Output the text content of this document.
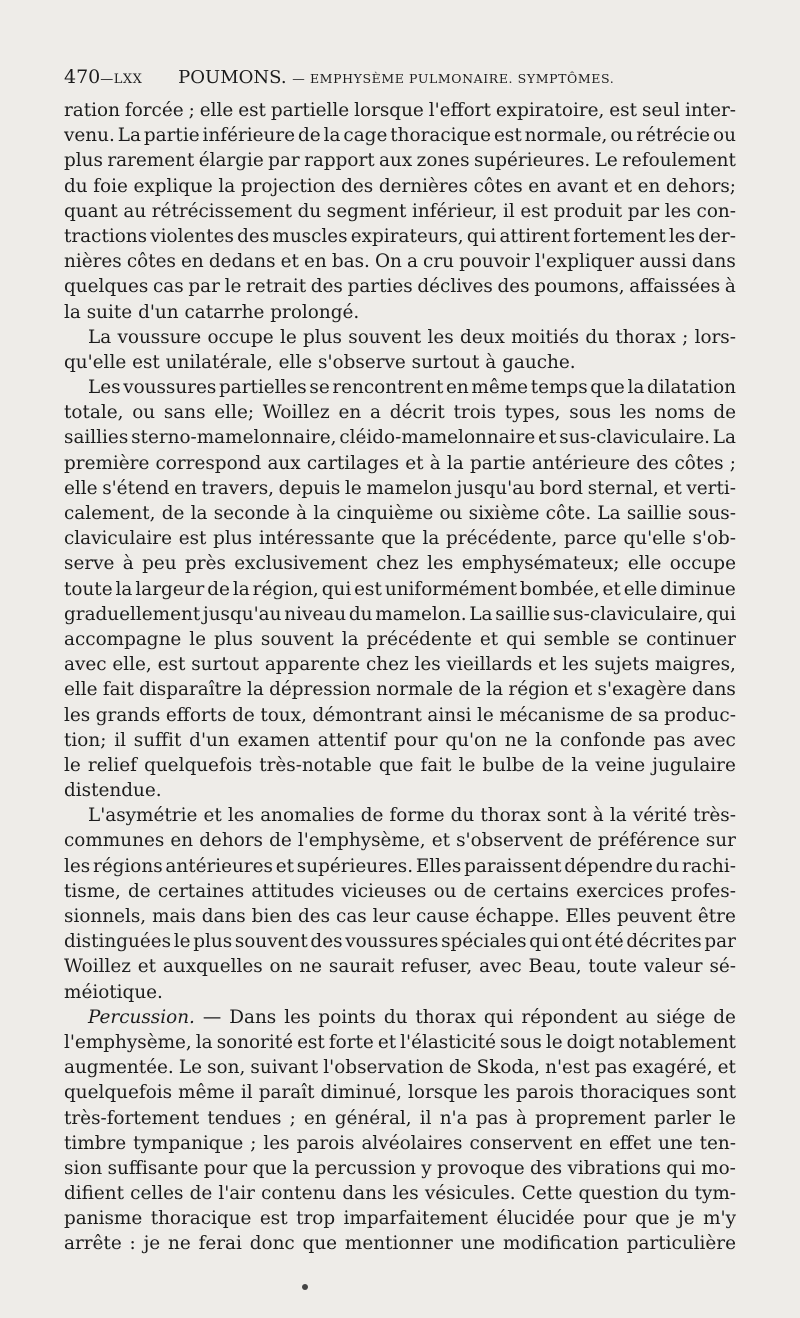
470—LXX POUMONS. — EMPHYSÈME PULMONAIRE. SYMPTÔMES.
ration forcée ; elle est partielle lorsque l'effort expiratoire, est seul inter-
venu. La partie inférieure de la cage thoracique est normale, ou rétrécie ou
plus rarement élargie par rapport aux zones supérieures. Le refoulement
du foie explique la projection des dernières côtes en avant et en dehors;
quant au rétrécissement du segment inférieur, il est produit par les con-
tractions violentes des muscles expirateurs, qui attirent fortement les der-
nières côtes en dedans et en bas. On a cru pouvoir l'expliquer aussi dans
quelques cas par le retrait des parties déclives des poumons, affaissées à
la suite d'un catarrhe prolongé.
La voussure occupe le plus souvent les deux moitiés du thorax ; lors-
qu'elle est unilatérale, elle s'observe surtout à gauche.
Les voussures partielles se rencontrent en même temps que la dilatation
totale, ou sans elle; Woillez en a décrit trois types, sous les noms de
saillies sterno-mamelonnaire, cléido-mamelonnaire et sus-claviculaire. La
première correspond aux cartilages et à la partie antérieure des côtes ;
elle s'étend en travers, depuis le mamelon jusqu'au bord sternal, et verti-
calement, de la seconde à la cinquième ou sixième côte. La saillie sous-
claviculaire est plus intéressante que la précédente, parce qu'elle s'ob-
serve à peu près exclusivement chez les emphysémateux; elle occupe
toute la largeur de la région, qui est uniformément bombée, et elle diminue
graduellement jusqu'au niveau du mamelon. La saillie sus-claviculaire, qui
accompagne le plus souvent la précédente et qui semble se continuer
avec elle, est surtout apparente chez les vieillards et les sujets maigres,
elle fait disparaître la dépression normale de la région et s'exagère dans
les grands efforts de toux, démontrant ainsi le mécanisme de sa produc-
tion; il suffit d'un examen attentif pour qu'on ne la confonde pas avec
le relief quelquefois très-notable que fait le bulbe de la veine jugulaire
distendue.
L'asymétrie et les anomalies de forme du thorax sont à la vérité très-
communes en dehors de l'emphysème, et s'observent de préférence sur
les régions antérieures et supérieures. Elles paraissent dépendre du rachi-
tisme, de certaines attitudes vicieuses ou de certains exercices profes-
sionnels, mais dans bien des cas leur cause échappe. Elles peuvent être
distinguées le plus souvent des voussures spéciales qui ont été décrites par
Woillez et auxquelles on ne saurait refuser, avec Beau, toute valeur sé-
méiotique.
Percussion. — Dans les points du thorax qui répondent au siége de
l'emphysème, la sonorité est forte et l'élasticité sous le doigt notablement
augmentée. Le son, suivant l'observation de Skoda, n'est pas exagéré, et
quelquefois même il paraît diminué, lorsque les parois thoraciques sont
très-fortement tendues ; en général, il n'a pas à proprement parler le
timbre tympanique ; les parois alvéolaires conservent en effet une ten-
sion suffisante pour que la percussion y provoque des vibrations qui mo-
difient celles de l'air contenu dans les vésicules. Cette question du tym-
panisme thoracique est trop imparfaitement élucidée pour que je m'y
arrête : je ne ferai donc que mentionner une modification particulière
